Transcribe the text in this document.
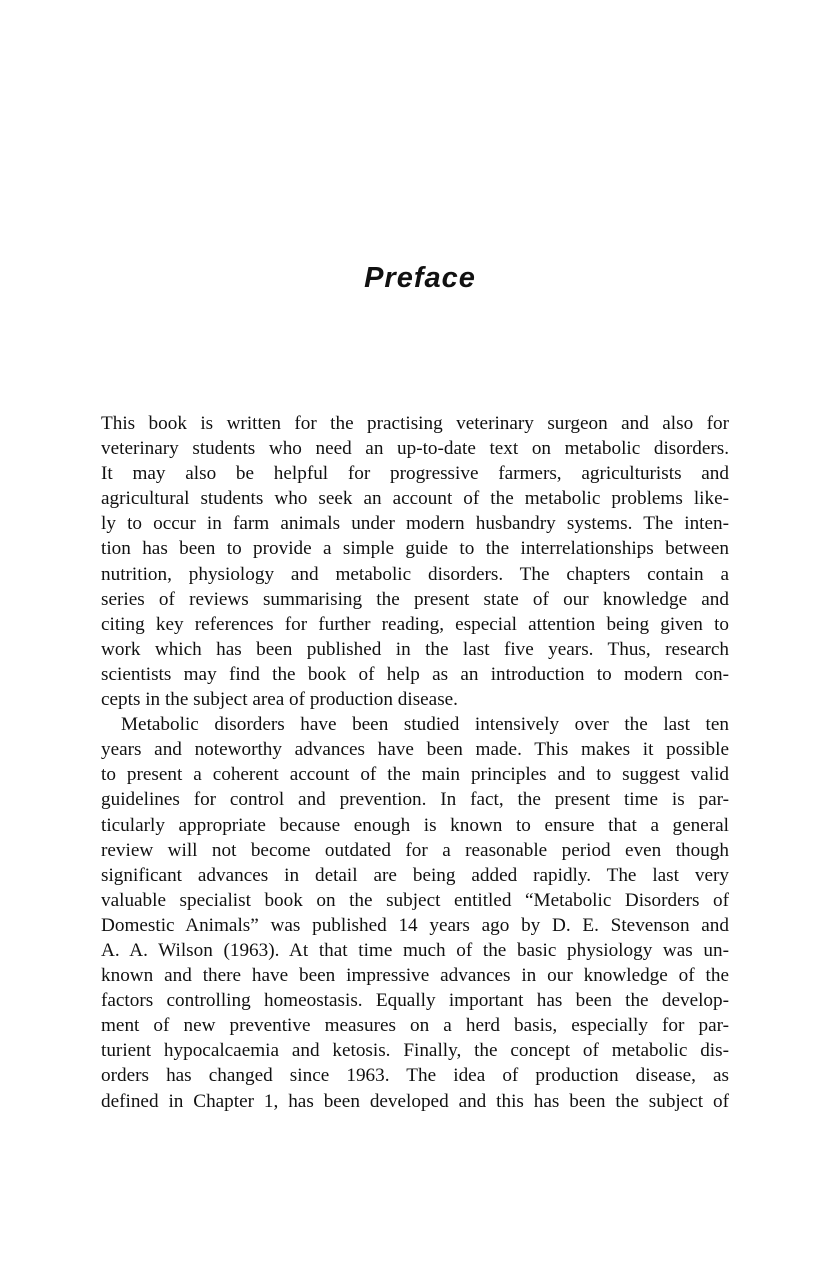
Preface
This book is written for the practising veterinary surgeon and also for
veterinary students who need an up-to-date text on metabolic disorders.
It may also be helpful for progressive farmers, agriculturists and
agricultural students who seek an account of the metabolic problems like-
ly to occur in farm animals under modern husbandry systems. The inten-
tion has been to provide a simple guide to the interrelationships between
nutrition, physiology and metabolic disorders. The chapters contain a
series of reviews summarising the present state of our knowledge and
citing key references for further reading, especial attention being given to
work which has been published in the last five years. Thus, research
scientists may find the book of help as an introduction to modern con-
cepts in the subject area of production disease.
Metabolic disorders have been studied intensively over the last ten
years and noteworthy advances have been made. This makes it possible
to present a coherent account of the main principles and to suggest valid
guidelines for control and prevention. In fact, the present time is par-
ticularly appropriate because enough is known to ensure that a general
review will not become outdated for a reasonable period even though
significant advances in detail are being added rapidly. The last very
valuable specialist book on the subject entitled “Metabolic Disorders of
Domestic Animals” was published 14 years ago by D. E. Stevenson and
A. A. Wilson (1963). At that time much of the basic physiology was un-
known and there have been impressive advances in our knowledge of the
factors controlling homeostasis. Equally important has been the develop-
ment of new preventive measures on a herd basis, especially for par-
turient hypocalcaemia and ketosis. Finally, the concept of metabolic dis-
orders has changed since 1963. The idea of production disease, as
defined in Chapter 1, has been developed and this has been the subject of
